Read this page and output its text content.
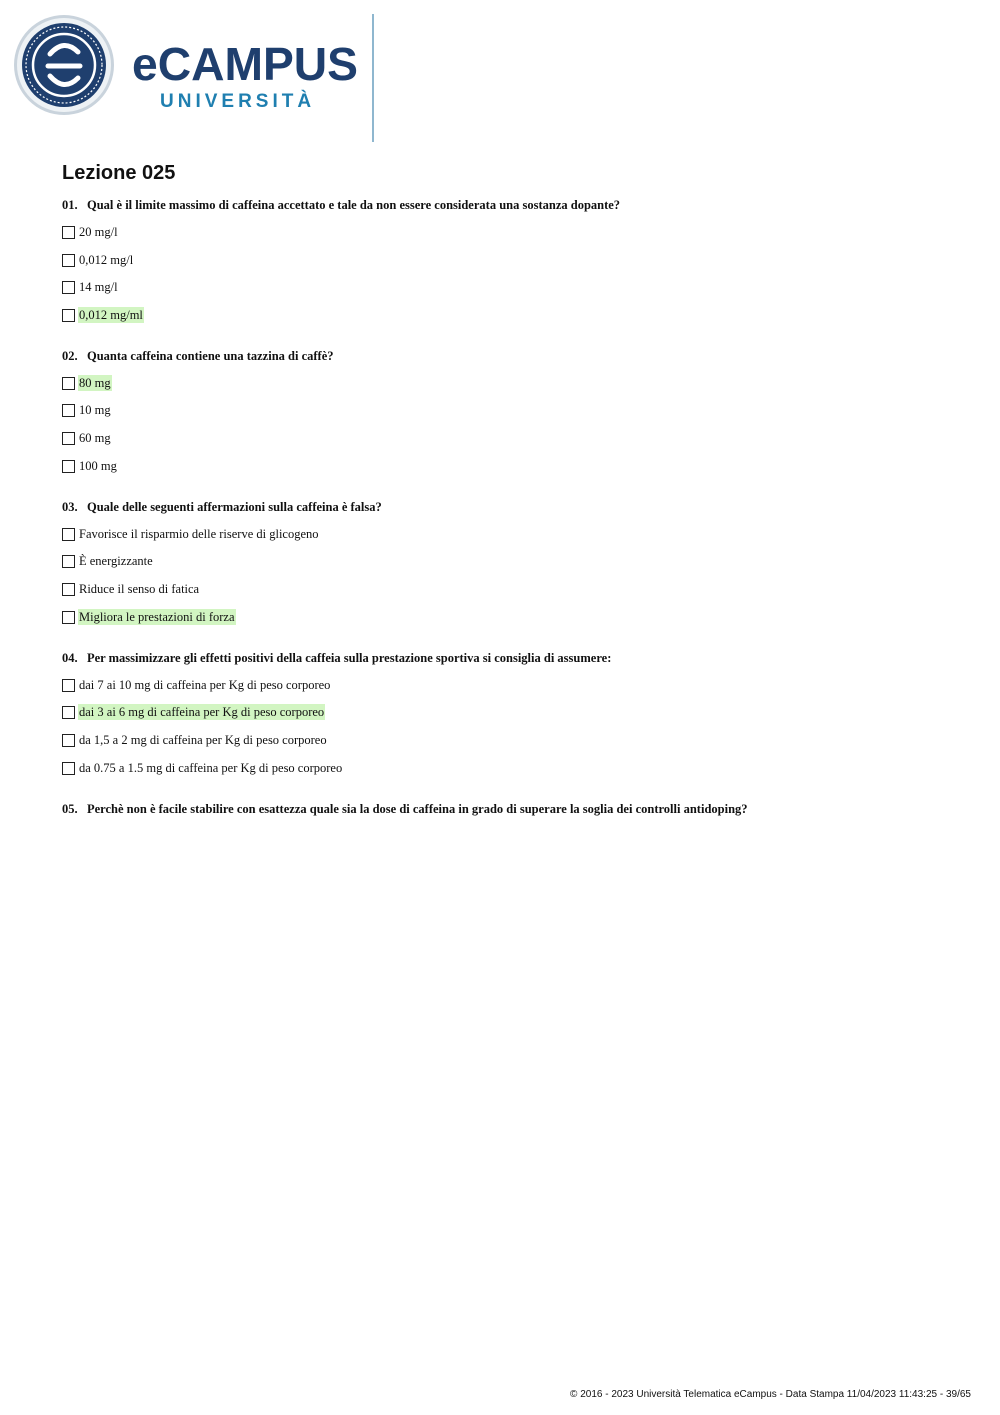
eCAMPUS
UNIVERSITÀ
Lezione 025
01. Qual è il limite massimo di caffeina accettato e tale da non essere considerata una sostanza dopante?
20 mg/l
0,012 mg/l
14 mg/l
0,012 mg/ml
02. Quanta caffeina contiene una tazzina di caffè?
80 mg
10 mg
60 mg
100 mg
03. Quale delle seguenti affermazioni sulla caffeina è falsa?
Favorisce il risparmio delle riserve di glicogeno
È energizzante
Riduce il senso di fatica
Migliora le prestazioni di forza
04. Per massimizzare gli effetti positivi della caffeia sulla prestazione sportiva si consiglia di assumere:
dai 7 ai 10 mg di caffeina per Kg di peso corporeo
dai 3 ai 6 mg di caffeina per Kg di peso corporeo
da 1,5 a 2 mg di caffeina per Kg di peso corporeo
da 0.75 a 1.5 mg di caffeina per Kg di peso corporeo
05. Perchè non è facile stabilire con esattezza quale sia la dose di caffeina in grado di superare la soglia dei controlli antidoping?
© 2016 - 2023 Università Telematica eCampus - Data Stampa 11/04/2023 11:43:25 - 39/65
